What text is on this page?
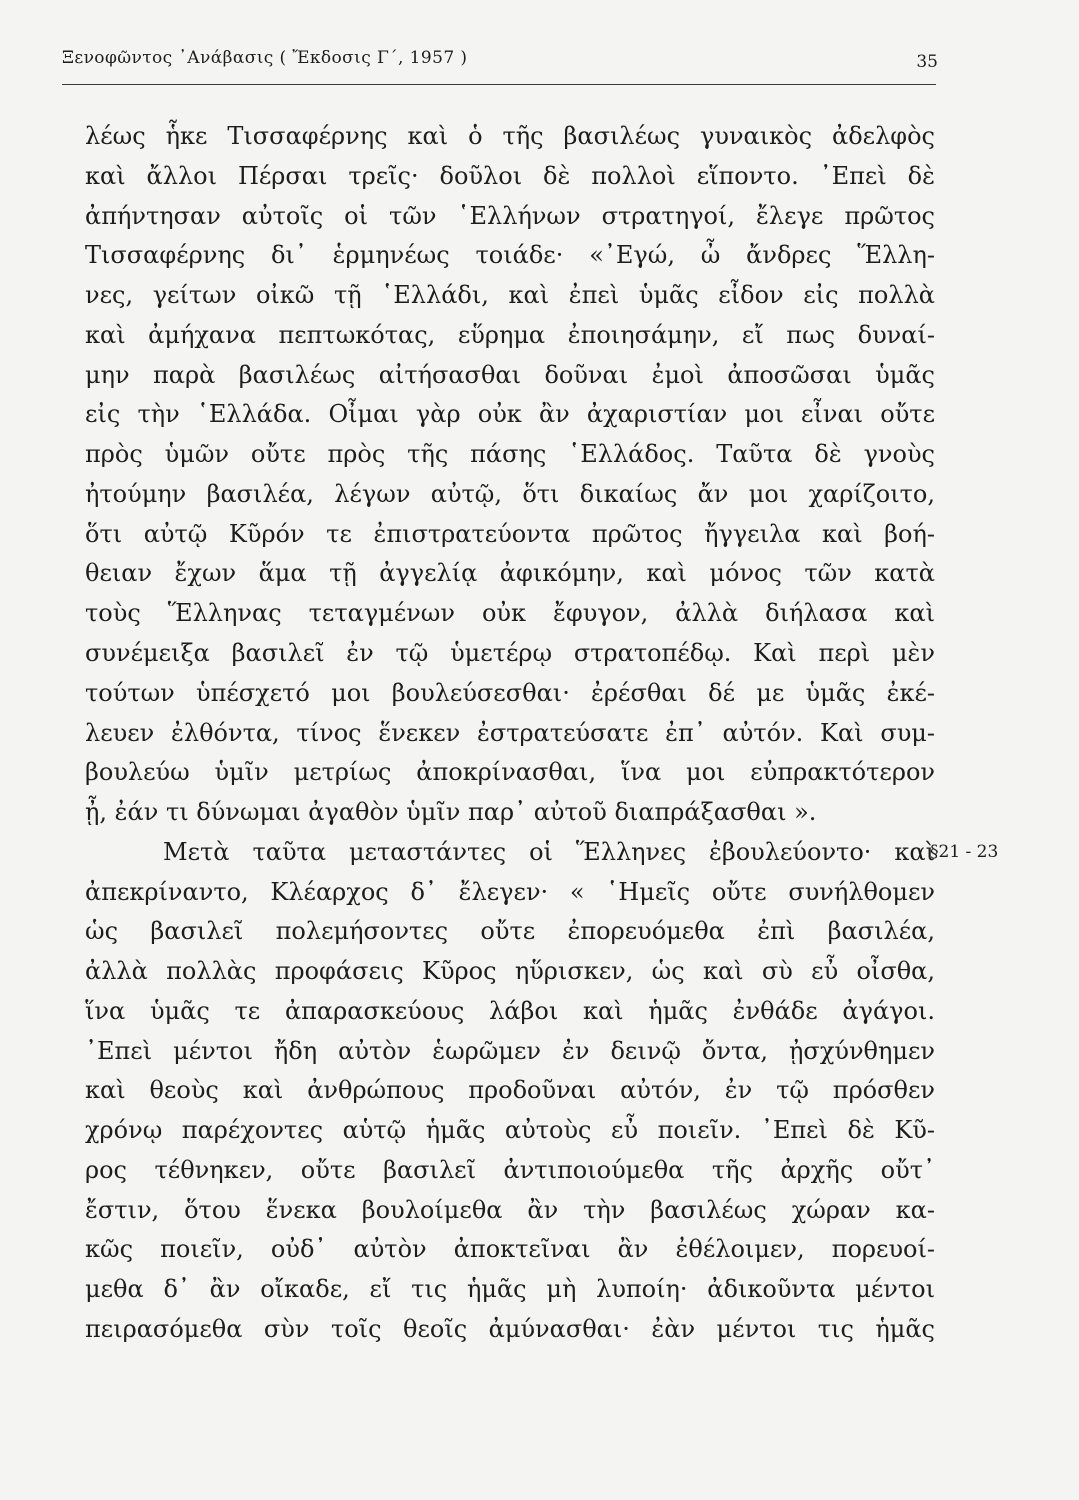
Ξενοφῶντος ᾿Ανάβασις ( Ἔκδοσις Γ΄, 1957 )	35
λέως ἧκε Τισσαφέρνης καὶ ὁ τῆς βασιλέως γυναικὸς ἀδελφὸς
καὶ ἄλλοι Πέρσαι τρεῖς· δοῦλοι δὲ πολλοὶ εἵποντο. ᾿Επεὶ δὲ
ἀπήντησαν αὐτοῖς οἱ τῶν ῾Ελλήνων στρατηγοί, ἔλεγε πρῶτος
Τισσαφέρνης δι᾿ ἑρμηνέως τοιάδε· «᾿Εγώ, ὦ ἄνδρες Ἕλλη-
νες, γείτων οἰκῶ τῇ ῾Ελλάδι, καὶ ἐπεὶ ὑμᾶς εἶδον εἰς πολλὰ
καὶ ἀμήχανα πεπτωκότας, εὕρημα ἐποιησάμην, εἴ πως δυναί-
μην παρὰ βασιλέως αἰτήσασθαι δοῦναι ἐμοὶ ἀποσῶσαι ὑμᾶς
εἰς τὴν ῾Ελλάδα. Οἶμαι γὰρ οὐκ ἂν ἀχαριστίαν μοι εἶναι οὔτε
πρὸς ὑμῶν οὔτε πρὸς τῆς πάσης ῾Ελλάδος. Ταῦτα δὲ γνοὺς
ἠτούμην βασιλέα, λέγων αὐτῷ, ὅτι δικαίως ἄν μοι χαρίζοιτο,
ὅτι αὐτῷ Κῦρόν τε ἐπιστρατεύοντα πρῶτος ἤγγειλα καὶ βοή-
θειαν ἔχων ἅμα τῇ ἀγγελίᾳ ἀφικόμην, καὶ μόνος τῶν κατὰ
τοὺς Ἕλληνας τεταγμένων οὐκ ἔφυγον, ἀλλὰ διήλασα καὶ
συνέμειξα βασιλεῖ ἐν τῷ ὑμετέρῳ στρατοπέδῳ. Καὶ περὶ μὲν
τούτων ὑπέσχετό μοι βουλεύσεσθαι· ἐρέσθαι δέ με ὑμᾶς ἐκέ-
λευεν ἐλθόντα, τίνος ἕνεκεν ἐστρατεύσατε ἐπ᾿ αὐτόν. Καὶ συμ-
βουλεύω ὑμῖν μετρίως ἀποκρίνασθαι, ἵνα μοι εὐπρακτότερον
ᾖ, ἐάν τι δύνωμαι ἀγαθὸν ὑμῖν παρ᾿ αὐτοῦ διαπράξασθαι ».
Μετὰ ταῦτα μεταστάντες οἱ Ἕλληνες ἐβουλεύοντο· καὶ
ἀπεκρίναντο, Κλέαρχος δ᾿ ἔλεγεν· « ῾Ημεῖς οὔτε συνήλθομεν
ὡς βασιλεῖ πολεμήσοντες οὔτε ἐπορευόμεθα ἐπὶ βασιλέα,
ἀλλὰ πολλὰς προφάσεις Κῦρος ηὕρισκεν, ὡς καὶ σὺ εὖ οἶσθα,
ἵνα ὑμᾶς τε ἀπαρασκεύους λάβοι καὶ ἡμᾶς ἐνθάδε ἀγάγοι.
᾿Επεὶ μέντοι ἤδη αὐτὸν ἑωρῶμεν ἐν δεινῷ ὄντα, ᾐσχύνθημεν
καὶ θεοὺς καὶ ἀνθρώπους προδοῦναι αὐτόν, ἐν τῷ πρόσθεν
χρόνῳ παρέχοντες αὑτῷ ἡμᾶς αὐτοὺς εὖ ποιεῖν. ᾿Επεὶ δὲ Κῦ-
ρος τέθνηκεν, οὔτε βασιλεῖ ἀντιποιούμεθα τῆς ἀρχῆς οὔτ᾿
ἔστιν, ὅτου ἕνεκα βουλοίμεθα ἂν τὴν βασιλέως χώραν κα-
κῶς ποιεῖν, οὐδ᾿ αὐτὸν ἀποκτεῖναι ἂν ἐθέλοιμεν, πορευοί-
μεθα δ᾿ ἂν οἴκαδε, εἴ τις ἡμᾶς μὴ λυποίη· ἀδικοῦντα μέντοι
πειρασόμεθα σὺν τοῖς θεοῖς ἀμύνασθαι· ἐὰν μέντοι τις ἡμᾶς
§21 - 23
